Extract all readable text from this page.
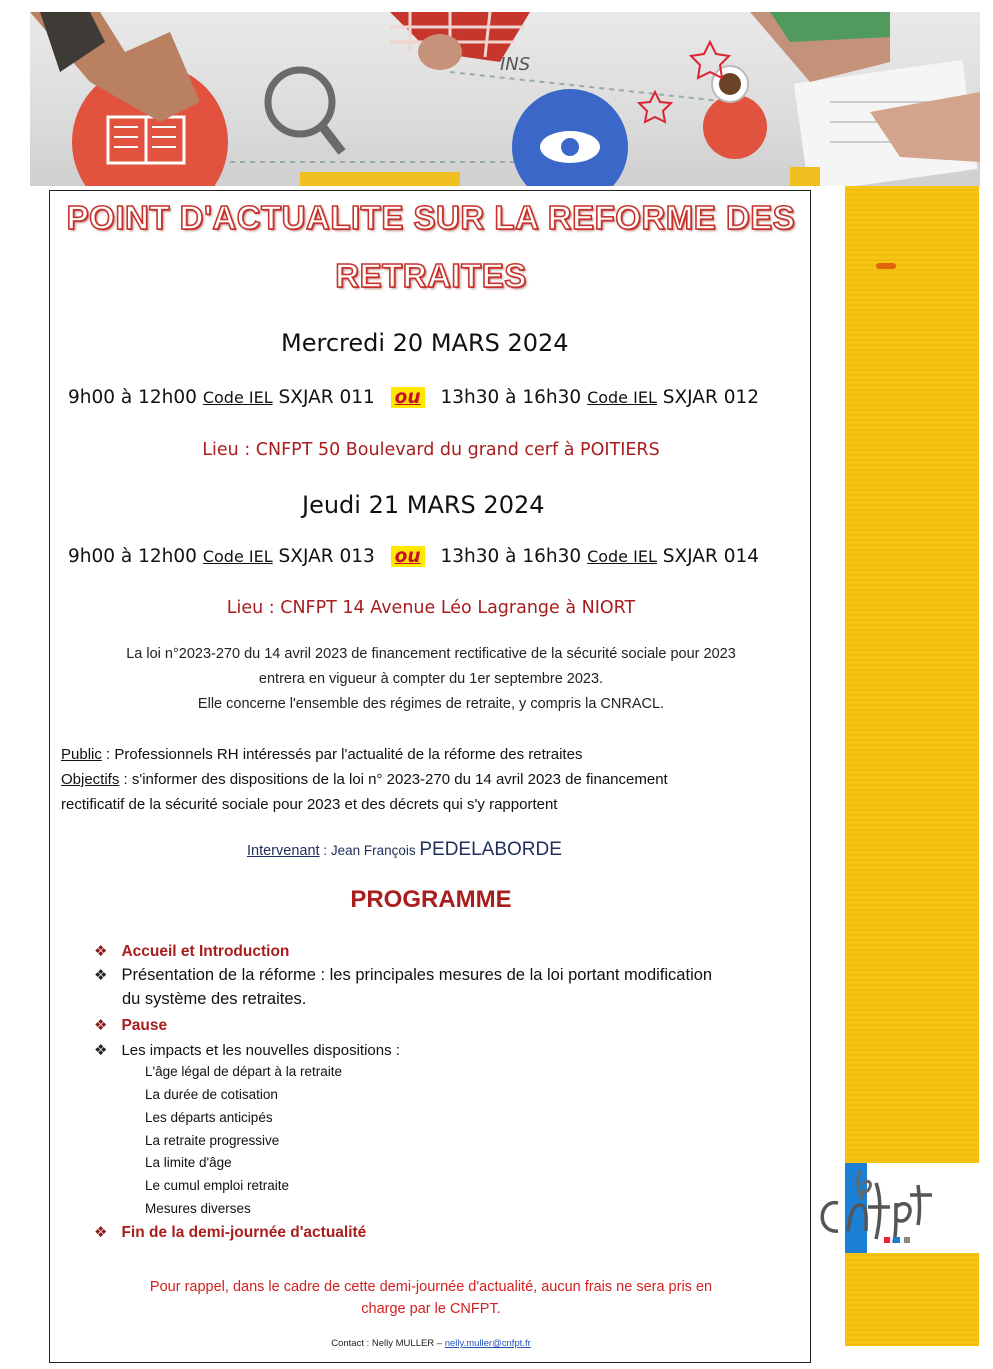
INS
POINT D'ACTUALITE SUR LA REFORME DES
RETRAITES
Mercredi 20 MARS 2024
9h00 à 12h00 Code IEL SXJAR 011 ou 13h30 à 16h30 Code IEL SXJAR 012
Lieu : CNFPT 50 Boulevard du grand cerf à POITIERS
Jeudi 21 MARS 2024
9h00 à 12h00 Code IEL SXJAR 013 ou 13h30 à 16h30 Code IEL SXJAR 014
Lieu : CNFPT 14 Avenue Léo Lagrange à NIORT
La loi n°2023-270 du 14 avril 2023 de financement rectificative de la sécurité sociale pour 2023
entrera en vigueur à compter du 1er septembre 2023.
Elle concerne l'ensemble des régimes de retraite, y compris la CNRACL.
Public : Professionnels RH intéressés par l'actualité de la réforme des retraites
Objectifs : s'informer des dispositions de la loi n° 2023-270 du 14 avril 2023 de financement
rectificatif de la sécurité sociale pour 2023 et des décrets qui s'y rapportent
Intervenant : Jean François PEDELABORDE
PROGRAMME
❖ Accueil et Introduction
❖ Présentation de la réforme : les principales mesures de la loi portant modification
du système des retraites.
❖ Pause
❖ Les impacts et les nouvelles dispositions :
L'âge légal de départ à la retraite
La durée de cotisation
Les départs anticipés
La retraite progressive
La limite d'âge
Le cumul emploi retraite
Mesures diverses
❖ Fin de la demi-journée d'actualité
Pour rappel, dans le cadre de cette demi-journée d'actualité, aucun frais ne sera pris en
charge par le CNFPT.
Contact : Nelly MULLER – nelly.muller@cnfpt.fr
